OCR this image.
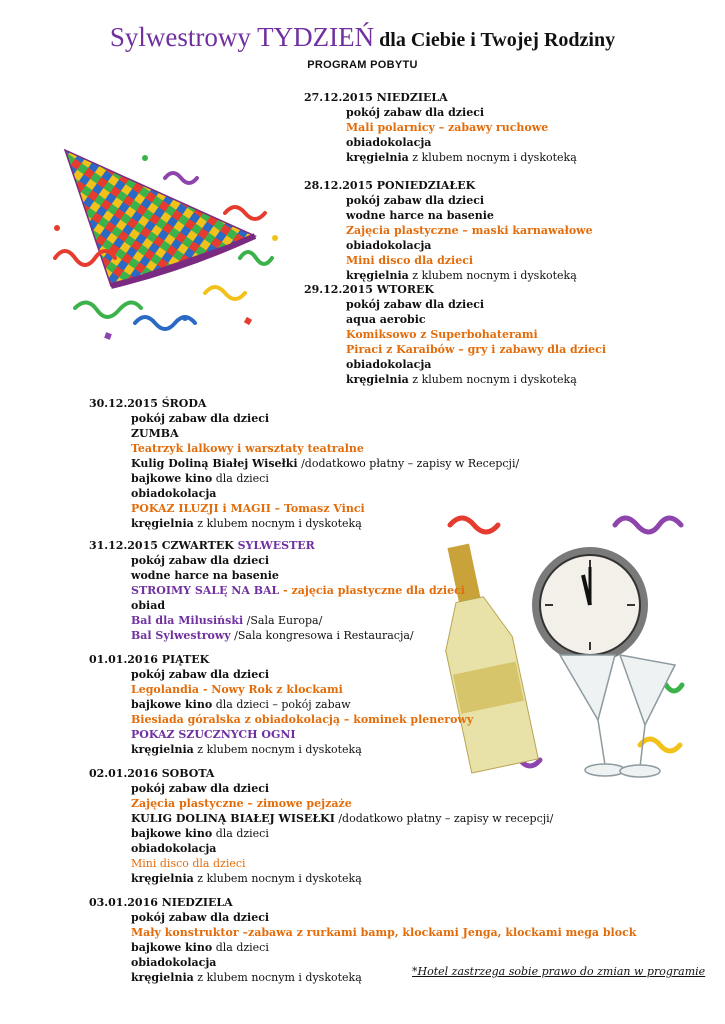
Sylwestrowy TYDZIEŃ dla Ciebie i Twojej Rodziny
PROGRAM POBYTU
27.12.2015 NIEDZIELA
pokój zabaw dla dzieci
Mali polarnicy – zabawy ruchowe
obiadokolacja
kręgielnia z klubem nocnym i dyskoteką
28.12.2015 PONIEDZIAŁEK
pokój zabaw dla dzieci
wodne harce na basenie
Zajęcia plastyczne – maski karnawałowe
obiadokolacja
Mini disco dla dzieci
kręgielnia z klubem nocnym i dyskoteką
29.12.2015 WTOREK
pokój zabaw dla dzieci
aqua aerobic
Komiksowo z Superbohaterami
Piraci z Karaibów – gry i zabawy dla dzieci
obiadokolacja
kręgielnia z klubem nocnym i dyskoteką
30.12.2015 ŚRODA
pokój zabaw dla dzieci
ZUMBA
Teatrzyk lalkowy i warsztaty teatralne
Kulig Doliną Białej Wisełki /dodatkowo płatny – zapisy w Recepcji/
bajkowe kino dla dzieci
obiadokolacja
POKAZ ILUZJI i MAGII – Tomasz Vinci
kręgielnia z klubem nocnym i dyskoteką
31.12.2015 CZWARTEK SYLWESTER
pokój zabaw dla dzieci
wodne harce na basenie
STROIMY SALĘ NA BAL - zajęcia plastyczne dla dzieci
obiad
Bal dla Milusiński /Sala Europa/
Bal Sylwestrowy /Sala kongresowa i Restauracja/
01.01.2016 PIĄTEK
pokój zabaw dla dzieci
Legolandia - Nowy Rok z klockami
bajkowe kino dla dzieci – pokój zabaw
Biesiada góralska z obiadokolacją – kominek plenerowy
POKAZ SZUCZNYCH OGNI
kręgielnia z klubem nocnym i dyskoteką
02.01.2016 SOBOTA
pokój zabaw dla dzieci
Zajęcia plastyczne – zimowe pejzaże
KULIG DOLINĄ BIAŁEJ WISEŁKI /dodatkowo płatny – zapisy w recepcji/
bajkowe kino dla dzieci
obiadokolacja
Mini disco dla dzieci
kręgielnia z klubem nocnym i dyskoteką
03.01.2016 NIEDZIELA
pokój zabaw dla dzieci
Mały konstruktor –zabawa z rurkami bamp, klockami Jenga, klockami mega block
bajkowe kino dla dzieci
obiadokolacja
kręgielnia z klubem nocnym i dyskoteką	*Hotel zastrzega sobie prawo do zmian w programie
